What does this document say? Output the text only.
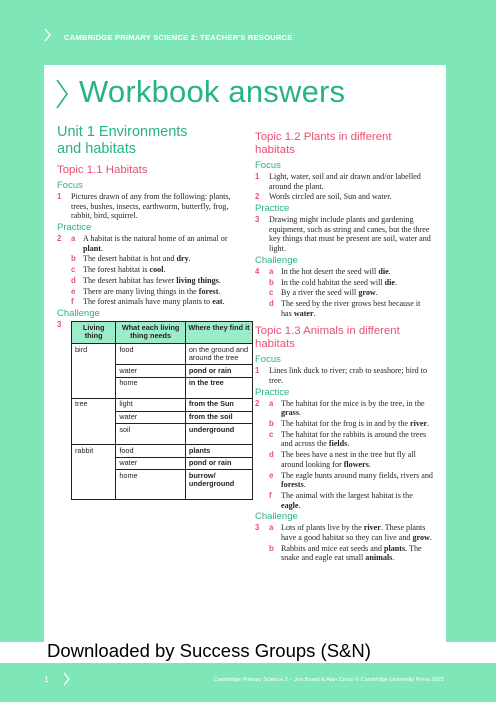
CAMBRIDGE PRIMARY SCIENCE 2: TEACHER'S RESOURCE
Workbook answers
Unit 1 Environments
and habitats
Topic 1.1 Habitats
Focus
1	Pictures drawn of any from the following: plants, trees, bushes, insects, earthworm, butterfly, frog, rabbit, bird, squirrel.
Practice
2	a A habitat is the natural home of an animal or plant.
b The desert habitat is hot and dry.
c The forest habitat is cool.
d The desert habitat has fewer living things.
e There are many living things in the forest.
f	The forest animals have many plants to eat.
Challenge
3	Living thing	What each living thing needs	Where they find it
bird	food	on the ground and around the tree
	water	pond or rain
	home	in the tree

tree	light	from the Sun
	water	from the soil
	soil	underground

rabbit	food	plants
	water	pond or rain
	home	burrow/ underground

Topic 1.2 Plants in different habitats
Focus
1	Light, water, soil and air drawn and/or labelled around the plant.
2	Words circled are soil, Sun and water.
Practice
3	Drawing might include plants and gardening equipment, such as string and canes, but the three key things that must be present are soil, water and light.
Challenge
4	a In the hot desert the seed will die.
b In the cold habitat the seed will die.
c By a river the seed will grow.
d The seed by the river grows best because it has water.
Topic 1.3 Animals in different habitats
Focus
1	Lines link duck to river; crab to seashore; bird to tree.
Practice
2	a The habitat for the mice is by the tree, in the grass.
b The habitat for the frog is in and by the river.
c The habitat for the rabbits is around the trees and across the fields.
d The bees have a nest in the tree but fly all around looking for flowers.
e The eagle hunts around many fields, rivers and forests.
f	The animal with the largest habitat is the eagle.
Challenge
3	a Lots of plants live by the river. These plants have a good habitat so they can live and grow.
b Rabbits and mice eat seeds and plants. The snake and eagle eat small animals.
Downloaded by Success Groups (S&N)
1	Cambridge Primary Science 2 – Jon Board & Alan Cross © Cambridge University Press 2021
